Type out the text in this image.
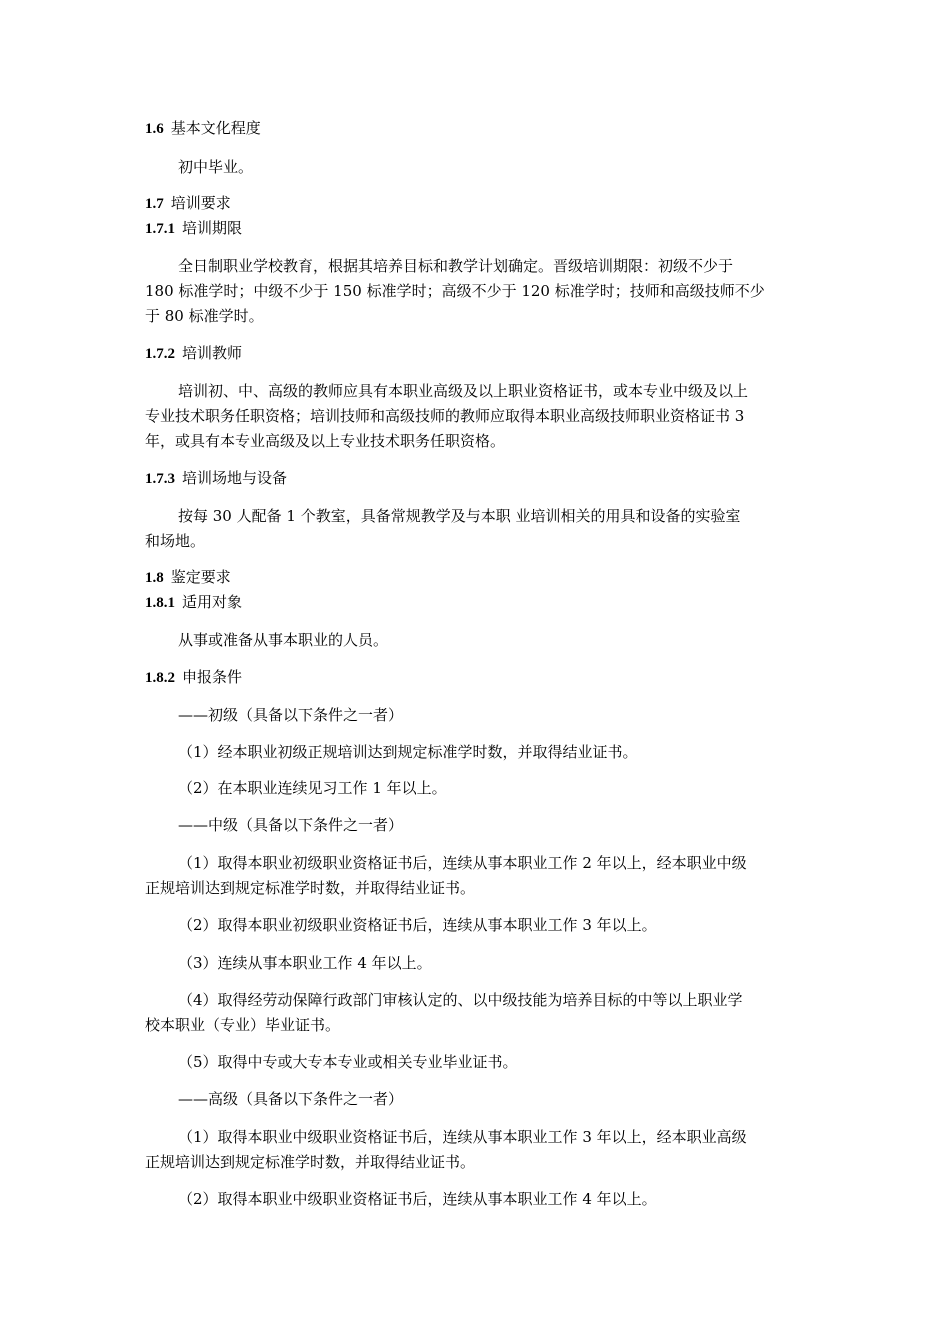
1.6 基本文化程度
初中毕业。
1.7 培训要求
1.7.1 培训期限
全日制职业学校教育，根据其培养目标和教学计划确定。晋级培训期限：初级不少于
180 标准学时；中级不少于 150 标准学时；高级不少于 120 标准学时；技师和高级技师不少
于 80 标准学时。
1.7.2 培训教师
培训初、中、高级的教师应具有本职业高级及以上职业资格证书，或本专业中级及以上
专业技术职务任职资格；培训技师和高级技师的教师应取得本职业高级技师职业资格证书 3
年，或具有本专业高级及以上专业技术职务任职资格。
1.7.3 培训场地与设备
按每 30 人配备 1 个教室，具备常规教学及与本职 业培训相关的用具和设备的实验室
和场地。
1.8 鉴定要求
1.8.1 适用对象
从事或准备从事本职业的人员。
1.8.2 申报条件
——初级（具备以下条件之一者）
（1）经本职业初级正规培训达到规定标准学时数，并取得结业证书。
（2）在本职业连续见习工作 1 年以上。
——中级（具备以下条件之一者）
（1）取得本职业初级职业资格证书后，连续从事本职业工作 2 年以上，经本职业中级
正规培训达到规定标准学时数，并取得结业证书。
（2）取得本职业初级职业资格证书后，连续从事本职业工作 3 年以上。
（3）连续从事本职业工作 4 年以上。
（4）取得经劳动保障行政部门审核认定的、以中级技能为培养目标的中等以上职业学
校本职业（专业）毕业证书。
（5）取得中专或大专本专业或相关专业毕业证书。
——高级（具备以下条件之一者）
（1）取得本职业中级职业资格证书后，连续从事本职业工作 3 年以上，经本职业高级
正规培训达到规定标准学时数，并取得结业证书。
（2）取得本职业中级职业资格证书后，连续从事本职业工作 4 年以上。
